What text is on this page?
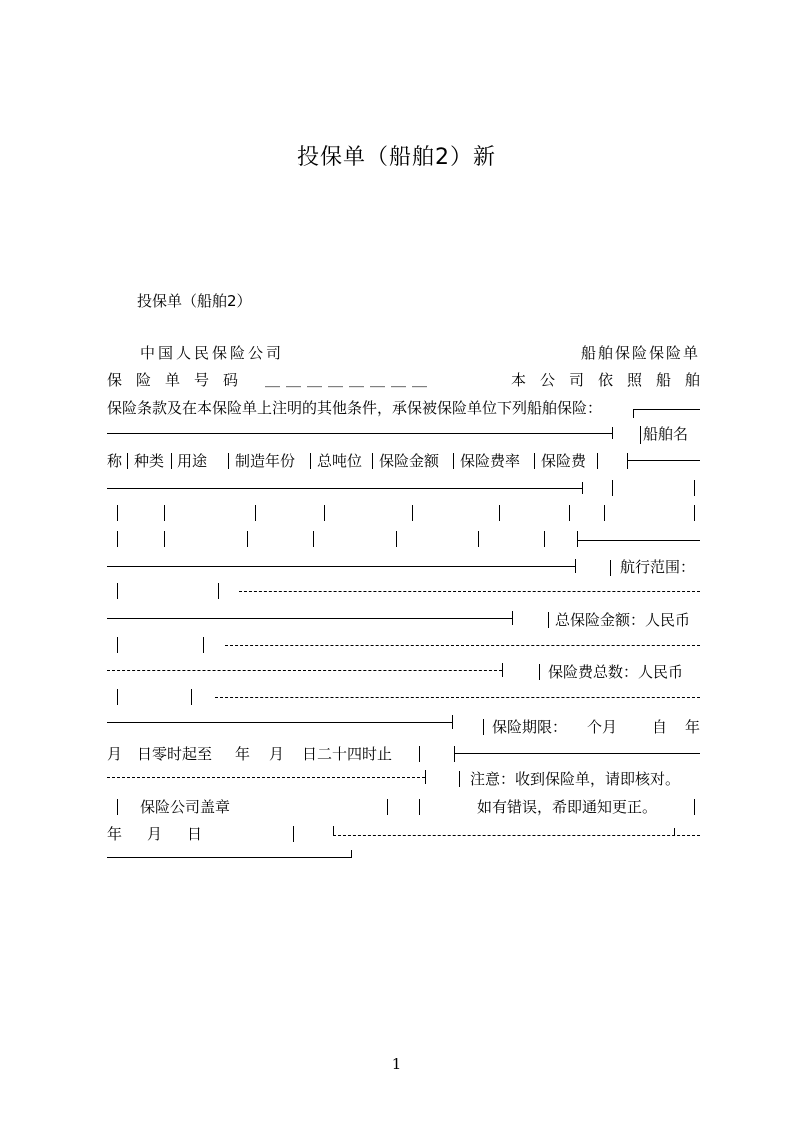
投保单（船舶2）新
投保单（船舶2）
中国人民保险公司	船舶保险保险单
保险单号码 ＿＿＿＿＿＿＿＿	本公司依照船舶
保险条款及在本保险单上注明的其他条件，承保被保险单位下列船舶保险：
船舶名
称 种类 用途 制造年份 总吨位 保险金额 保险费率 保险费
航行范围：
总保险金额：人民币
保险费总数：人民币
保险期限： 个月 自 年
月 日零时起至 年 月 日二十四时止
注意：收到保险单，请即核对。
保险公司盖章	如有错误，希即通知更正。
年 月 日
1
